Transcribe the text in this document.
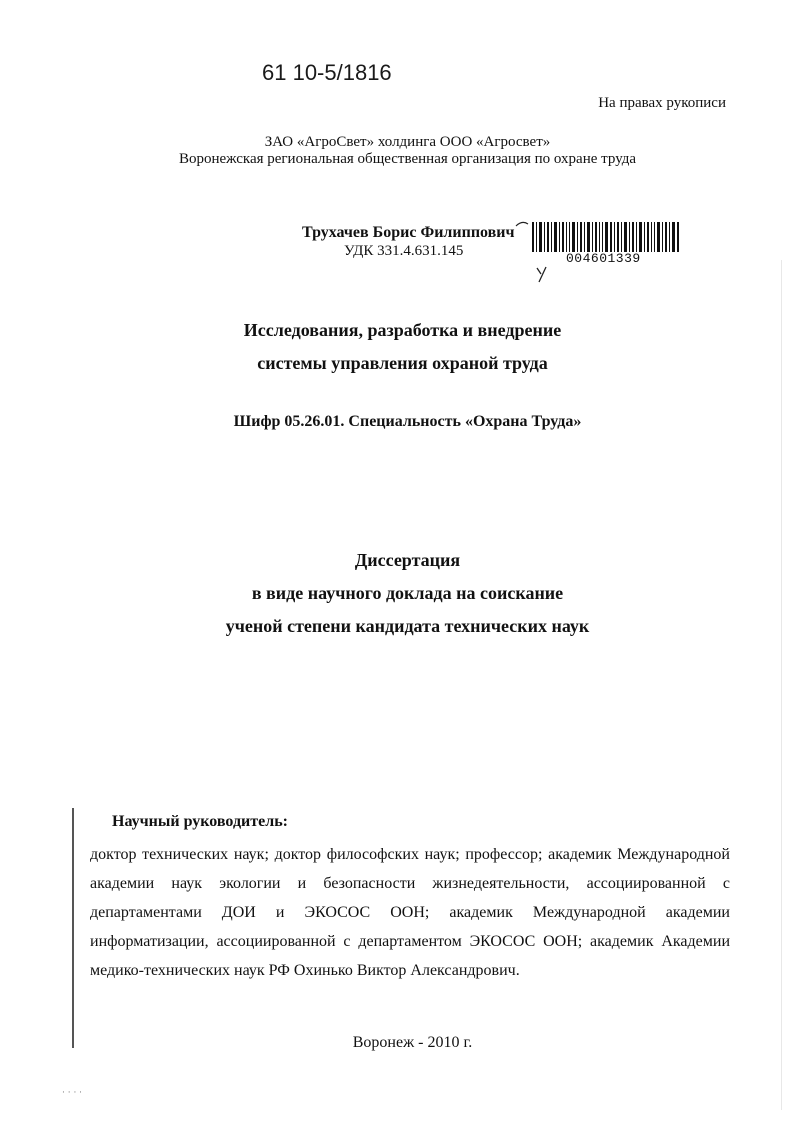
61 10-5/1816
На правах рукописи
ЗАО «АгроСвет» холдинга ООО «Агросвет»
Воронежская региональная общественная организация по охране труда
Трухачев Борис Филиппович
УДК 331.4.631.145	004601339
Исследования, разработка и внедрение
системы управления охраной труда
Шифр 05.26.01. Специальность «Охрана Труда»
Диссертация
в виде научного доклада на соискание
ученой степени кандидата технических наук
Научный руководитель:
доктор технических наук; доктор философских наук; профессор; академик Международной академии наук экологии и безопасности жизнедеятельности, ассоциированной с департаментами ДОИ и ЭКОСОС ООН; академик Международной академии информатизации, ассоциированной с департаментом ЭКОСОС ООН; академик Академии медико-технических наук РФ Охинько Виктор Александрович.
Воронеж - 2010 г.
· · · ·
